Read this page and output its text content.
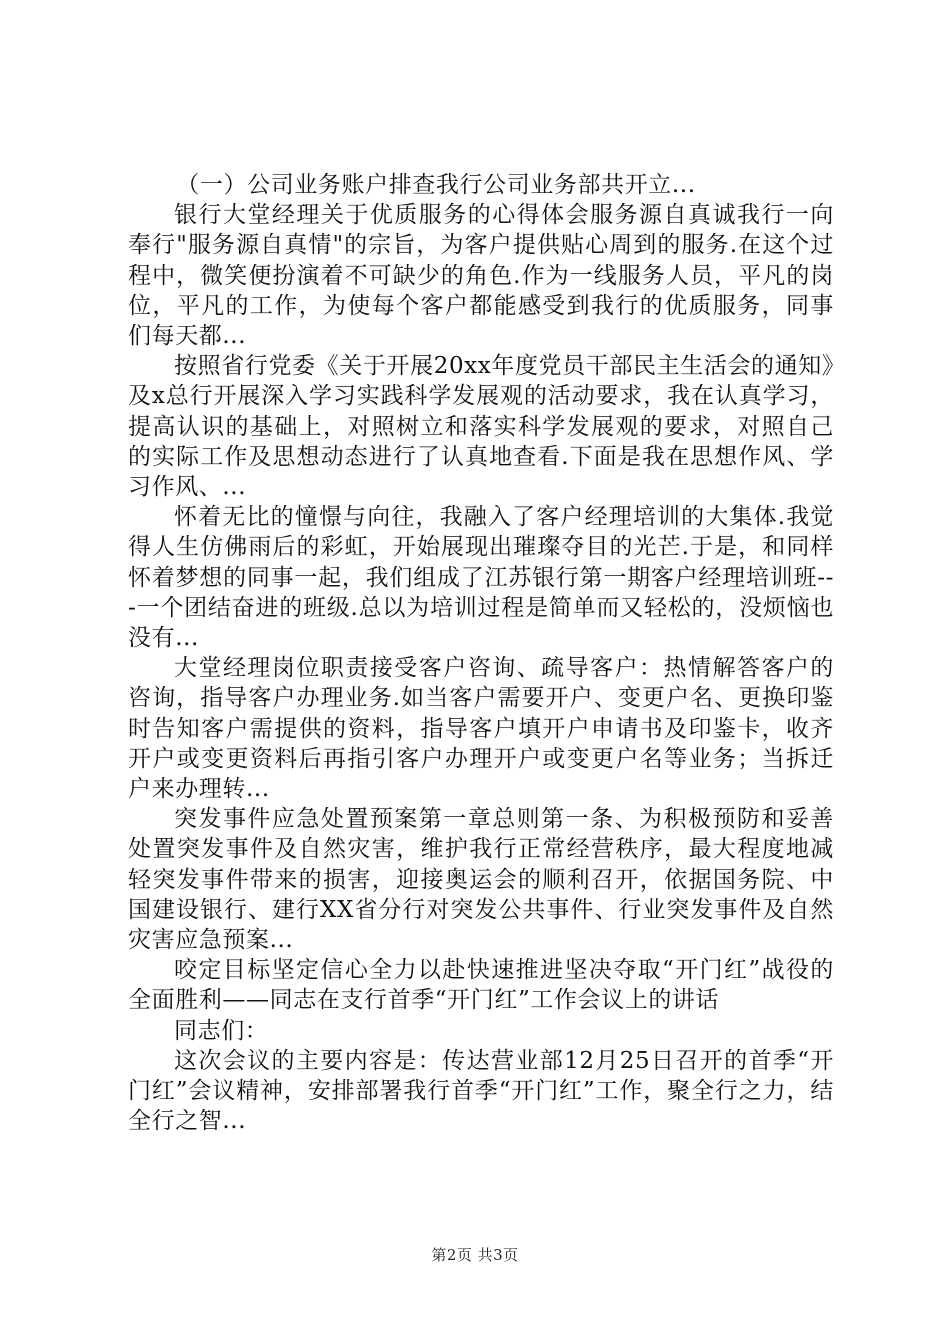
（一）公司业务账户排查我行公司业务部共开立...

银行大堂经理关于优质服务的心得体会服务源自真诚我行一向奉行"服务源自真情"的宗旨，为客户提供贴心周到的服务.在这个过程中，微笑便扮演着不可缺少的角色.作为一线服务人员，平凡的岗位，平凡的工作，为使每个客户都能感受到我行的优质服务，同事们每天都...

按照省行党委《关于开展20xx年度党员干部民主生活会的通知》及x总行开展深入学习实践科学发展观的活动要求，我在认真学习，提高认识的基础上，对照树立和落实科学发展观的要求，对照自己的实际工作及思想动态进行了认真地查看.下面是我在思想作风、学习作风、...

怀着无比的憧憬与向往，我融入了客户经理培训的大集体.我觉得人生仿佛雨后的彩虹，开始展现出璀璨夺目的光芒.于是，和同样怀着梦想的同事一起，我们组成了江苏银行第一期客户经理培训班---一个团结奋进的班级.总以为培训过程是简单而又轻松的，没烦恼也没有...

大堂经理岗位职责接受客户咨询、疏导客户：热情解答客户的咨询，指导客户办理业务.如当客户需要开户、变更户名、更换印鉴时告知客户需提供的资料，指导客户填开户申请书及印鉴卡，收齐开户或变更资料后再指引客户办理开户或变更户名等业务；当拆迁户来办理转...

突发事件应急处置预案第一章总则第一条、为积极预防和妥善处置突发事件及自然灾害，维护我行正常经营秩序，最大程度地减轻突发事件带来的损害，迎接奥运会的顺利召开，依据国务院、中国建设银行、建行XX省分行对突发公共事件、行业突发事件及自然灾害应急预案...

咬定目标坚定信心全力以赴快速推进坚决夺取“开门红”战役的全面胜利——同志在支行首季“开门红”工作会议上的讲话

同志们：

这次会议的主要内容是：传达营业部12月25日召开的首季“开门红”会议精神，安排部署我行首季“开门红”工作，聚全行之力，结全行之智...

第2页 共3页
